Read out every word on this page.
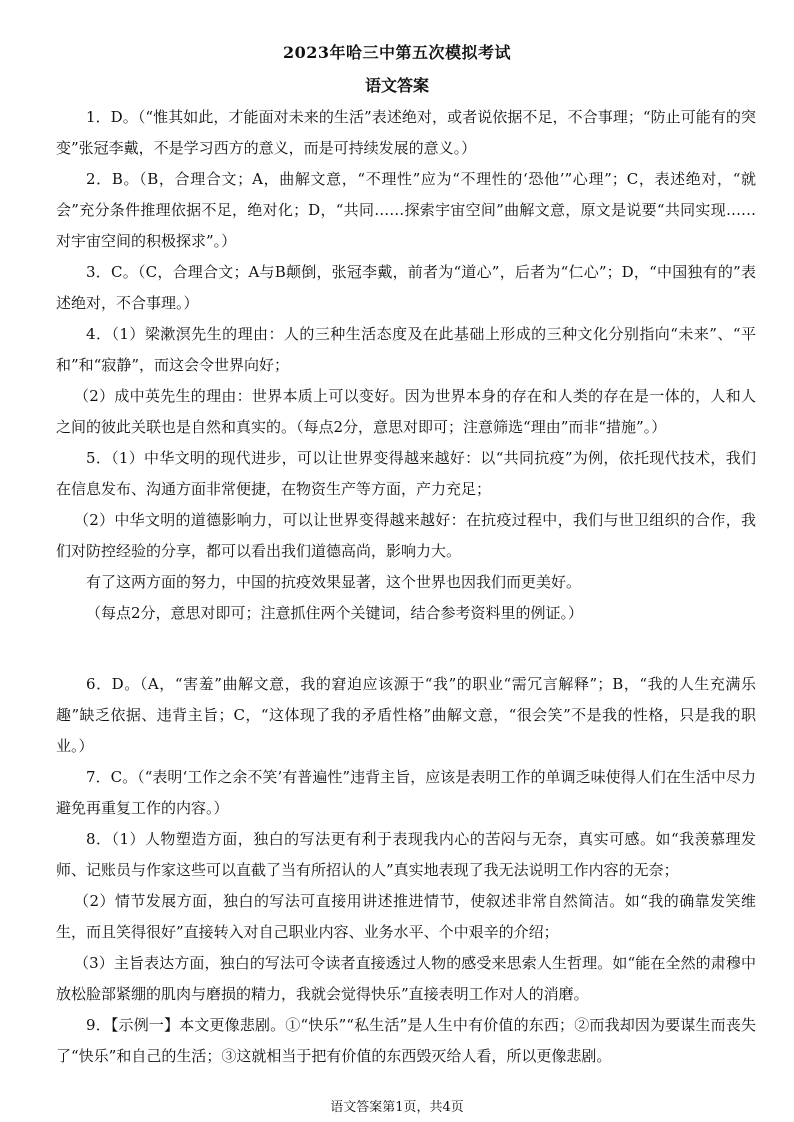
2023年哈三中第五次模拟考试
语文答案

1．D。（“惟其如此，才能面对未来的生活”表述绝对，或者说依据不足，不合事理；“防止可能有的突变”张冠李戴，不是学习西方的意义，而是可持续发展的意义。）

2．B。（B，合理合文；A，曲解文意，“不理性”应为“不理性的‘恐他’”心理”；C，表述绝对，“就会”充分条件推理依据不足，绝对化；D，“共同……探索宇宙空间”曲解文意，原文是说要“共同实现……对宇宙空间的积极探求”。）

3．C。（C，合理合文；A与B颠倒，张冠李戴，前者为“道心”，后者为“仁心”；D，“中国独有的”表述绝对，不合事理。）

4．（1）梁漱溟先生的理由：人的三种生活态度及在此基础上形成的三种文化分别指向“未来”、“平和”和“寂静”，而这会令世界向好；

（2）成中英先生的理由：世界本质上可以变好。因为世界本身的存在和人类的存在是一体的，人和人之间的彼此关联也是自然和真实的。（每点2分，意思对即可；注意筛选“理由”而非“措施”。）

5．（1）中华文明的现代进步，可以让世界变得越来越好：以“共同抗疫”为例，依托现代技术，我们在信息发布、沟通方面非常便捷，在物资生产等方面，产力充足；

（2）中华文明的道德影响力，可以让世界变得越来越好：在抗疫过程中，我们与世卫组织的合作，我们对防控经验的分享，都可以看出我们道德高尚，影响力大。

有了这两方面的努力，中国的抗疫效果显著，这个世界也因我们而更美好。

（每点2分，意思对即可；注意抓住两个关键词，结合参考资料里的例证。）

6．D。（A，“害羞”曲解文意，我的窘迫应该源于“我”的职业“需冗言解释”；B，“我的人生充满乐趣”缺乏依据、违背主旨；C，“这体现了我的矛盾性格”曲解文意，“很会笑”不是我的性格，只是我的职业。）

7．C。（“表明‘工作之余不笑’有普遍性”违背主旨，应该是表明工作的单调乏味使得人们在生活中尽力避免再重复工作的内容。）

8．（1）人物塑造方面，独白的写法更有利于表现我内心的苦闷与无奈，真实可感。如“我羡慕理发师、记账员与作家这些可以直截了当有所招认的人”真实地表现了我无法说明工作内容的无奈；

（2）情节发展方面，独白的写法可直接用讲述推进情节，使叙述非常自然简洁。如“我的确靠发笑维生，而且笑得很好”直接转入对自己职业内容、业务水平、个中艰辛的介绍；

（3）主旨表达方面，独白的写法可令读者直接透过人物的感受来思索人生哲理。如“能在全然的肃穆中放松脸部紧绷的肌肉与磨损的精力，我就会觉得快乐”直接表明工作对人的消磨。

9．【示例一】本文更像悲剧。①“快乐”“私生活”是人生中有价值的东西；②而我却因为要谋生而丧失了“快乐”和自己的生活；③这就相当于把有价值的东西毁灭给人看，所以更像悲剧。

语文答案第1页，共4页
